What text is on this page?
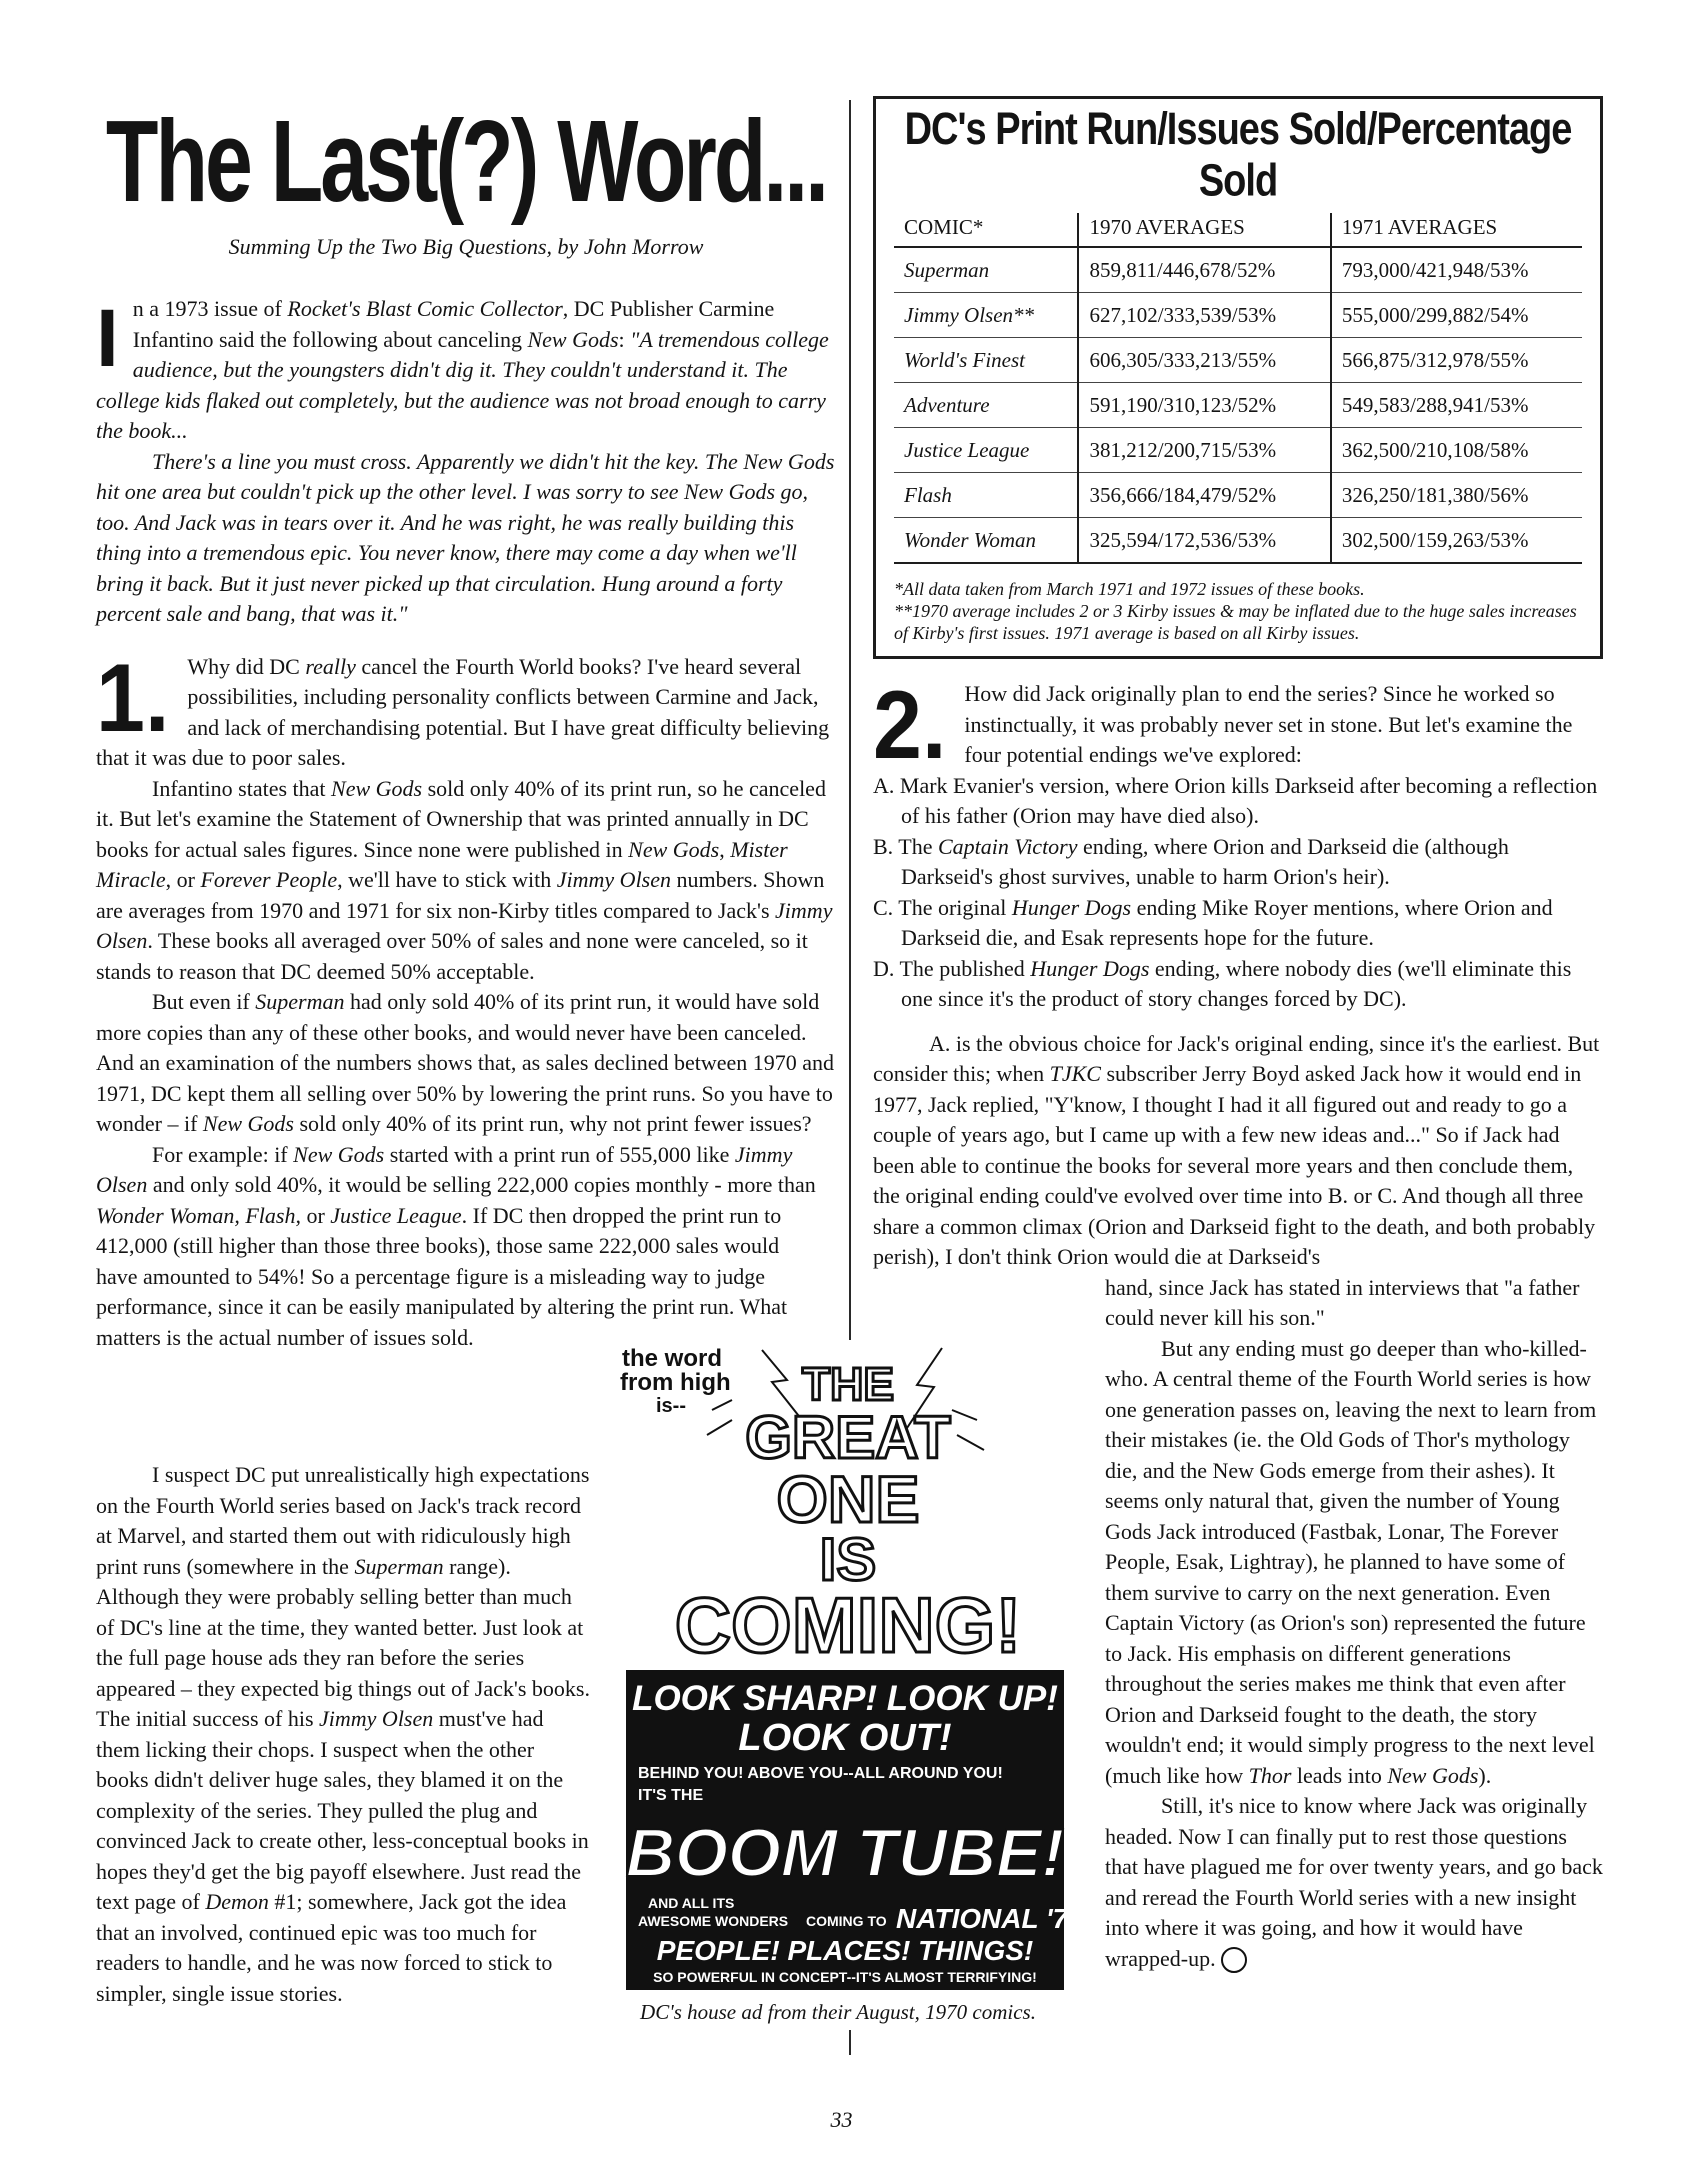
The Last(?) Word...
Summing Up the Two Big Questions, by John Morrow

In a 1973 issue of Rocket's Blast Comic Collector, DC Publisher Carmine Infantino said the following about canceling New Gods: "A tremendous college audience, but the youngsters didn't dig it. They couldn't understand it. The college kids flaked out completely, but the audience was not broad enough to carry the book...

There's a line you must cross. Apparently we didn't hit the key. The New Gods hit one area but couldn't pick up the other level. I was sorry to see New Gods go, too. And Jack was in tears over it. And he was right, he was really building this thing into a tremendous epic. You never know, there may come a day when we'll bring it back. But it just never picked up that circulation. Hung around a forty percent sale and bang, that was it."

1. Why did DC really cancel the Fourth World books? I've heard several possibilities, including personality conflicts between Carmine and Jack, and lack of merchandising potential. But I have great difficulty believing that it was due to poor sales.

Infantino states that New Gods sold only 40% of its print run, so he canceled it. But let's examine the Statement of Ownership that was printed annually in DC books for actual sales figures. Since none were published in New Gods, Mister Miracle, or Forever People, we'll have to stick with Jimmy Olsen numbers. Shown are averages from 1970 and 1971 for six non-Kirby titles compared to Jack's Jimmy Olsen. These books all averaged over 50% of sales and none were canceled, so it stands to reason that DC deemed 50% acceptable.

But even if Superman had only sold 40% of its print run, it would have sold more copies than any of these other books, and would never have been canceled. And an examination of the numbers shows that, as sales declined between 1970 and 1971, DC kept them all selling over 50% by lowering the print runs. So you have to wonder – if New Gods sold only 40% of its print run, why not print fewer issues?

For example: if New Gods started with a print run of 555,000 like Jimmy Olsen and only sold 40%, it would be selling 222,000 copies monthly - more than Wonder Woman, Flash, or Justice League. If DC then dropped the print run to 412,000 (still higher than those three books), those same 222,000 sales would have amounted to 54%! So a percentage figure is a misleading way to judge performance, since it can be easily manipulated by altering the print run. What matters is the actual number of issues sold.

I suspect DC put unrealistically high expectations on the Fourth World series based on Jack's track record at Marvel, and started them out with ridiculously high print runs (somewhere in the Superman range). Although they were probably selling better than much of DC's line at the time, they wanted better. Just look at the full page house ads they ran before the series appeared – they expected big things out of Jack's books. The initial success of his Jimmy Olsen must've had them licking their chops. I suspect when the other books didn't deliver huge sales, they blamed it on the complexity of the series. They pulled the plug and convinced Jack to create other, less-conceptual books in hopes they'd get the big payoff elsewhere. Just read the text page of Demon #1; somewhere, Jack got the idea that an involved, continued epic was too much for readers to handle, and he was now forced to stick to simpler, single issue stories.

DC's Print Run/Issues Sold/Percentage Sold
COMIC*	1970 AVERAGES	1971 AVERAGES
Superman	859,811/446,678/52%	793,000/421,948/53%
Jimmy Olsen**	627,102/333,539/53%	555,000/299,882/54%
World's Finest	606,305/333,213/55%	566,875/312,978/55%
Adventure	591,190/310,123/52%	549,583/288,941/53%
Justice League	381,212/200,715/53%	362,500/210,108/58%
Flash	356,666/184,479/52%	326,250/181,380/56%
Wonder Woman	325,594/172,536/53%	302,500/159,263/53%
*All data taken from March 1971 and 1972 issues of these books.
**1970 average includes 2 or 3 Kirby issues & may be inflated due to the huge sales increases of Kirby's first issues. 1971 average is based on all Kirby issues.

2. How did Jack originally plan to end the series? Since he worked so instinctually, it was probably never set in stone. But let's examine the four potential endings we've explored:

A. Mark Evanier's version, where Orion kills Darkseid after becoming a reflection of his father (Orion may have died also).
B. The Captain Victory ending, where Orion and Darkseid die (although Darkseid's ghost survives, unable to harm Orion's heir).
C. The original Hunger Dogs ending Mike Royer mentions, where Orion and Darkseid die, and Esak represents hope for the future.
D. The published Hunger Dogs ending, where nobody dies (we'll eliminate this one since it's the product of story changes forced by DC).

A. is the obvious choice for Jack's original ending, since it's the earliest. But consider this; when TJKC subscriber Jerry Boyd asked Jack how it would end in 1977, Jack replied, "Y'know, I thought I had it all figured out and ready to go a couple of years ago, but I came up with a few new ideas and..." So if Jack had been able to continue the books for several more years and then conclude them, the original ending could've evolved over time into B. or C. And though all three share a common climax (Orion and Darkseid fight to the death, and both probably perish), I don't think Orion would die at Darkseid's

hand, since Jack has stated in interviews that "a father could never kill his son."

But any ending must go deeper than who-killed-who. A central theme of the Fourth World series is how one generation passes on, leaving the next to learn from their mistakes (ie. the Old Gods of Thor's mythology die, and the New Gods emerge from their ashes). It seems only natural that, given the number of Young Gods Jack introduced (Fastbak, Lonar, The Forever People, Esak, Lightray), he planned to have some of them survive to carry on the next generation. Even Captain Victory (as Orion's son) represented the future to Jack. His emphasis on different generations throughout the series makes me think that even after Orion and Darkseid fought to the death, the story wouldn't end; it would simply progress to the next level (much like how Thor leads into New Gods).

Still, it's nice to know where Jack was originally headed. Now I can finally put to rest those questions that have plagued me for over twenty years, and go back and reread the Fourth World series with a new insight into where it was going, and how it would have wrapped-up.

the word
from high
is--	THE
GREAT
ONE
IS
COMING!
LOOK SHARP! LOOK UP!
LOOK OUT!
BEHIND YOU! ABOVE YOU--ALL AROUND YOU!
IT'S THE
BOOM TUBE!
AND ALL ITS
AWESOME WONDERS COMING TO NATIONAL '70!
PEOPLE! PLACES! THINGS!
SO POWERFUL IN CONCEPT--IT'S ALMOST TERRIFYING!
DC's house ad from their August, 1970 comics.
33
